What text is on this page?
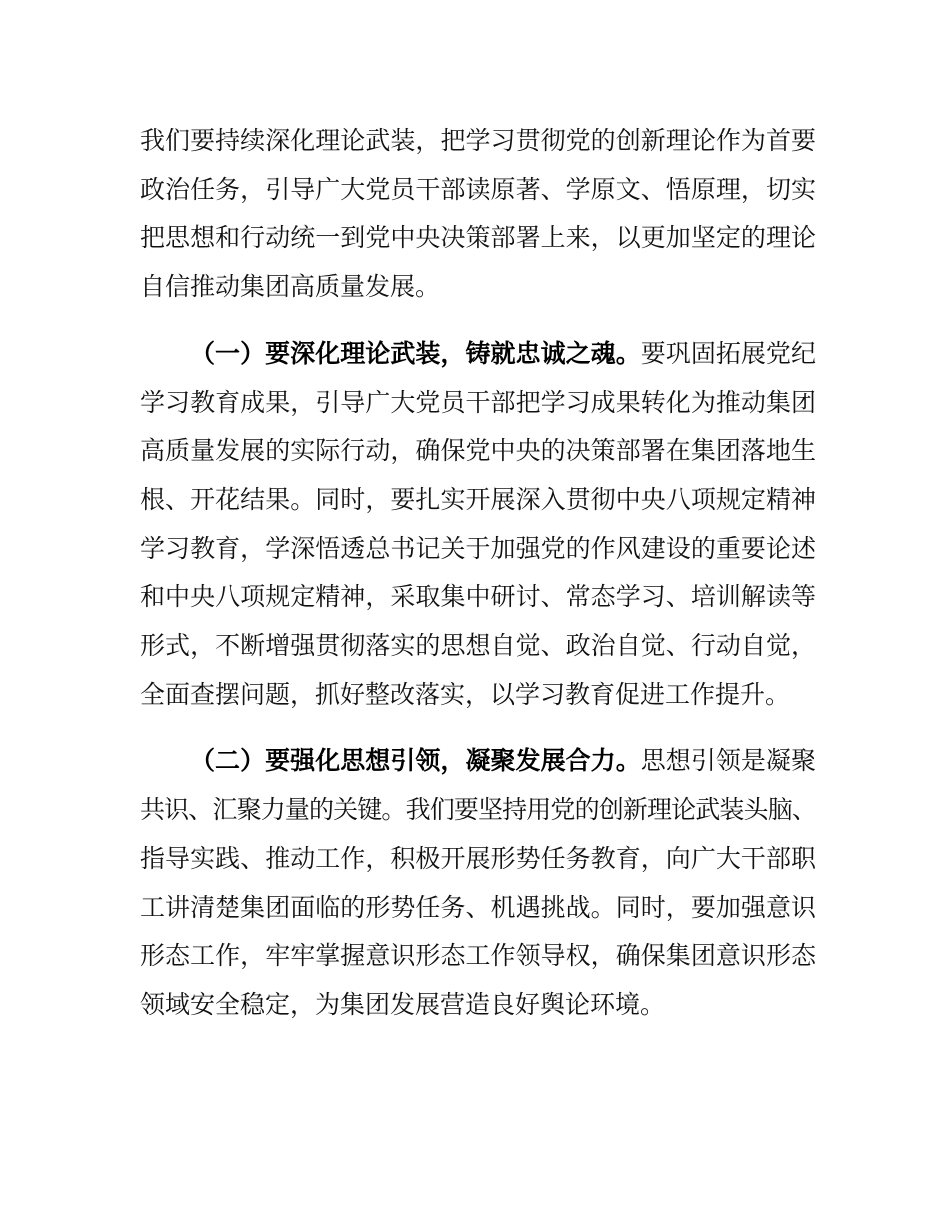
我们要持续深化理论武装，把学习贯彻党的创新理论作为首要
政治任务，引导广大党员干部读原著、学原文、悟原理，切实
把思想和行动统一到党中央决策部署上来，以更加坚定的理论
自信推动集团高质量发展。
（一）要深化理论武装，铸就忠诚之魂。要巩固拓展党纪
学习教育成果，引导广大党员干部把学习成果转化为推动集团
高质量发展的实际行动，确保党中央的决策部署在集团落地生
根、开花结果。同时，要扎实开展深入贯彻中央八项规定精神
学习教育，学深悟透总书记关于加强党的作风建设的重要论述
和中央八项规定精神，采取集中研讨、常态学习、培训解读等
形式，不断增强贯彻落实的思想自觉、政治自觉、行动自觉，
全面查摆问题，抓好整改落实，以学习教育促进工作提升。
（二）要强化思想引领，凝聚发展合力。思想引领是凝聚
共识、汇聚力量的关键。我们要坚持用党的创新理论武装头脑、
指导实践、推动工作，积极开展形势任务教育，向广大干部职
工讲清楚集团面临的形势任务、机遇挑战。同时，要加强意识
形态工作，牢牢掌握意识形态工作领导权，确保集团意识形态
领域安全稳定，为集团发展营造良好舆论环境。
